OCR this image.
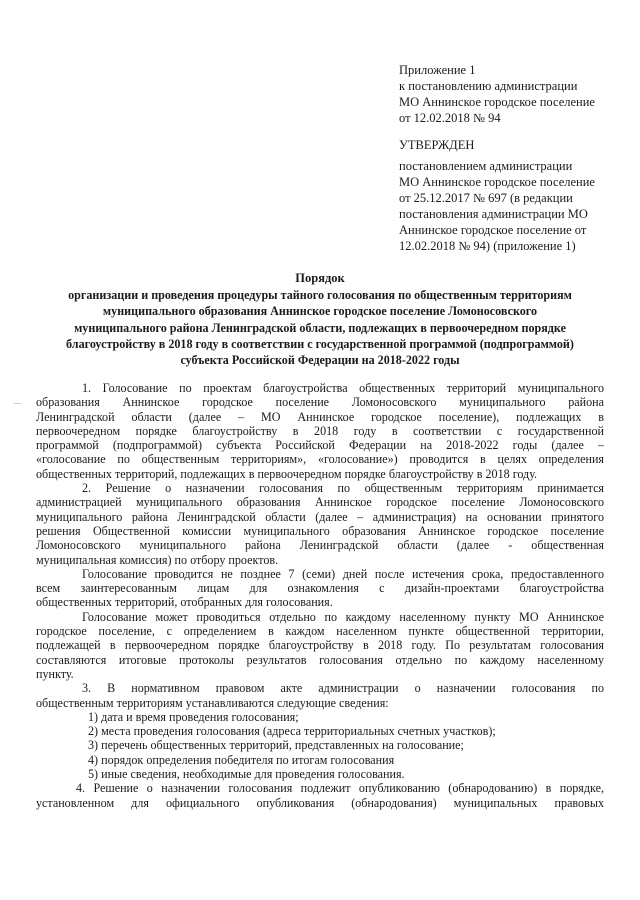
Приложение 1
к постановлению администрации
МО Аннинское городское поселение
от 12.02.2018 № 94
УТВЕРЖДЕН
постановлением администрации
МО Аннинское городское поселение
от 25.12.2017 № 697 (в редакции
постановления администрации МО
Аннинское городское поселение от
12.02.2018 № 94) (приложение 1)
Порядок
организации и проведения процедуры тайного голосования по общественным территориям
муниципального образования Аннинское городское поселение Ломоносовского
муниципального района Ленинградской области, подлежащих в первоочередном порядке
благоустройству в 2018 году в соответствии с государственной программой (подпрограммой)
субъекта Российской Федерации на 2018-2022 годы
1. Голосование по проектам благоустройства общественных территорий муниципального
образования Аннинское городское поселение Ломоносовского муниципального района
Ленинградской области (далее – МО Аннинское городское поселение), подлежащих в
первоочередном порядке благоустройству в 2018 году в соответствии с государственной
программой (подпрограммой) субъекта Российской Федерации на 2018-2022 годы (далее –
«голосование по общественным территориям», «голосование») проводится в целях определения
общественных территорий, подлежащих в первоочередном порядке благоустройству в 2018 году.
2. Решение о назначении голосования по общественным территориям принимается
администрацией муниципального образования Аннинское городское поселение Ломоносовского
муниципального района Ленинградской области (далее – администрация) на основании принятого
решения Общественной комиссии муниципального образования Аннинское городское поселение
Ломоносовского муниципального района Ленинградской области (далее - общественная
муниципальная комиссия) по отбору проектов.
Голосование проводится не позднее 7 (семи) дней после истечения срока, предоставленного
всем заинтересованным лицам для ознакомления с дизайн-проектами благоустройства
общественных территорий, отобранных для голосования.
Голосование может проводиться отдельно по каждому населенному пункту МО Аннинское
городское поселение, с определением в каждом населенном пункте общественной территории,
подлежащей в первоочередном порядке благоустройству в 2018 году. По результатам голосования
составляются итоговые протоколы результатов голосования отдельно по каждому населенному
пункту.
3. В нормативном правовом акте администрации о назначении голосования по
общественным территориям устанавливаются следующие сведения:
1) дата и время проведения голосования;
2) места проведения голосования (адреса территориальных счетных участков);
3) перечень общественных территорий, представленных на голосование;
4) порядок определения победителя по итогам голосования
5) иные сведения, необходимые для проведения голосования.
4. Решение о назначении голосования подлежит опубликованию (обнародованию) в порядке,
установленном для официального опубликования (обнародования) муниципальных правовых
